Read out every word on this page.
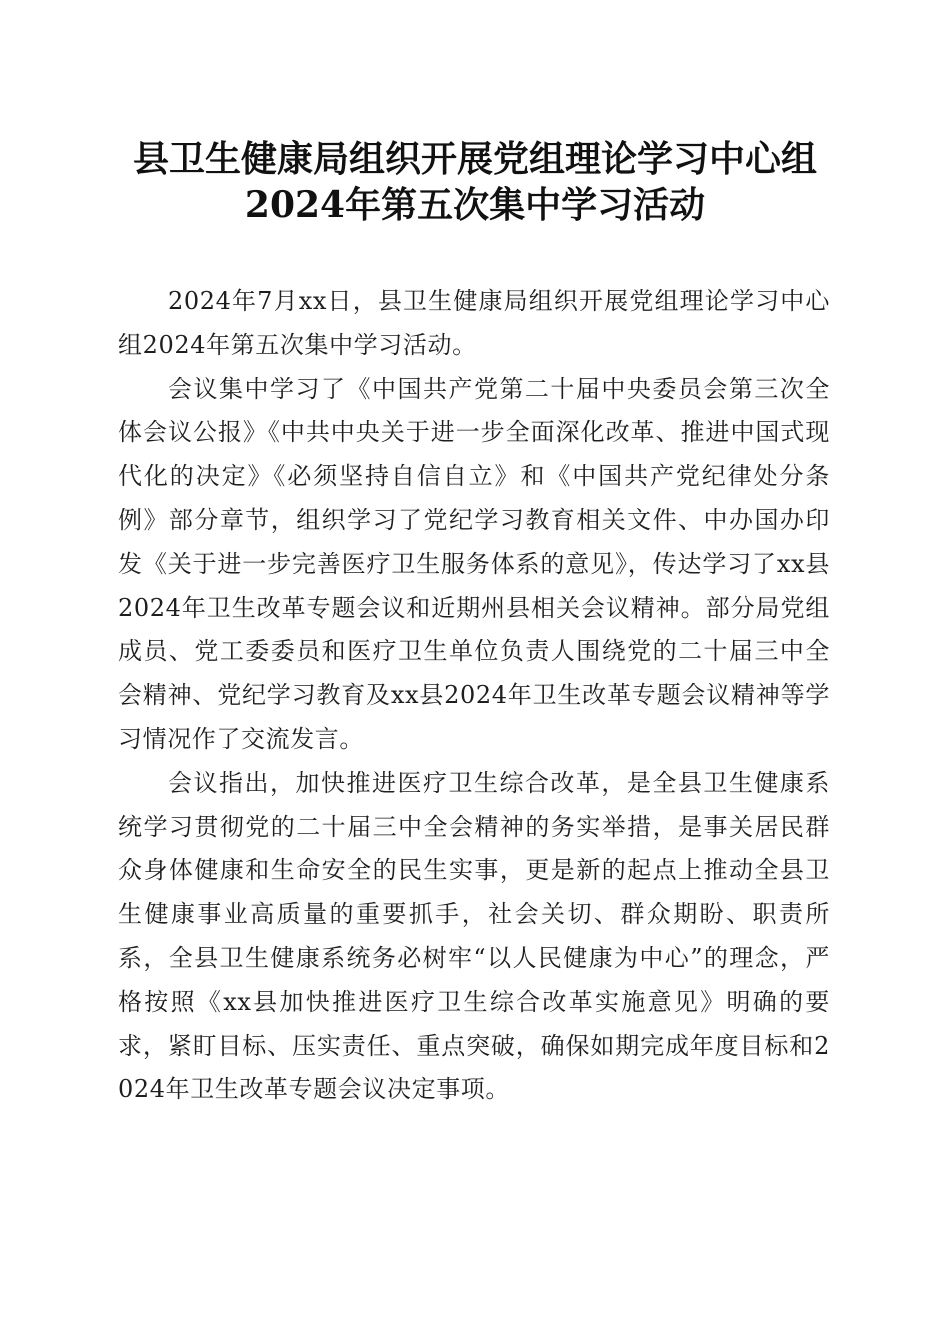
县卫生健康局组织开展党组理论学习中心组
2024年第五次集中学习活动

2024年7月xx日，县卫生健康局组织开展党组理论学习中心组2024年第五次集中学习活动。

会议集中学习了《中国共产党第二十届中央委员会第三次全体会议公报》《中共中央关于进一步全面深化改革、推进中国式现代化的决定》《必须坚持自信自立》和《中国共产党纪律处分条例》部分章节，组织学习了党纪学习教育相关文件、中办国办印发《关于进一步完善医疗卫生服务体系的意见》，传达学习了xx县2024年卫生改革专题会议和近期州县相关会议精神。部分局党组成员、党工委委员和医疗卫生单位负责人围绕党的二十届三中全会精神、党纪学习教育及xx县2024年卫生改革专题会议精神等学习情况作了交流发言。

会议指出，加快推进医疗卫生综合改革，是全县卫生健康系统学习贯彻党的二十届三中全会精神的务实举措，是事关居民群众身体健康和生命安全的民生实事，更是新的起点上推动全县卫生健康事业高质量的重要抓手，社会关切、群众期盼、职责所系，全县卫生健康系统务必树牢“以人民健康为中心”的理念，严格按照《xx县加快推进医疗卫生综合改革实施意见》明确的要求，紧盯目标、压实责任、重点突破，确保如期完成年度目标和2024年卫生改革专题会议决定事项。
